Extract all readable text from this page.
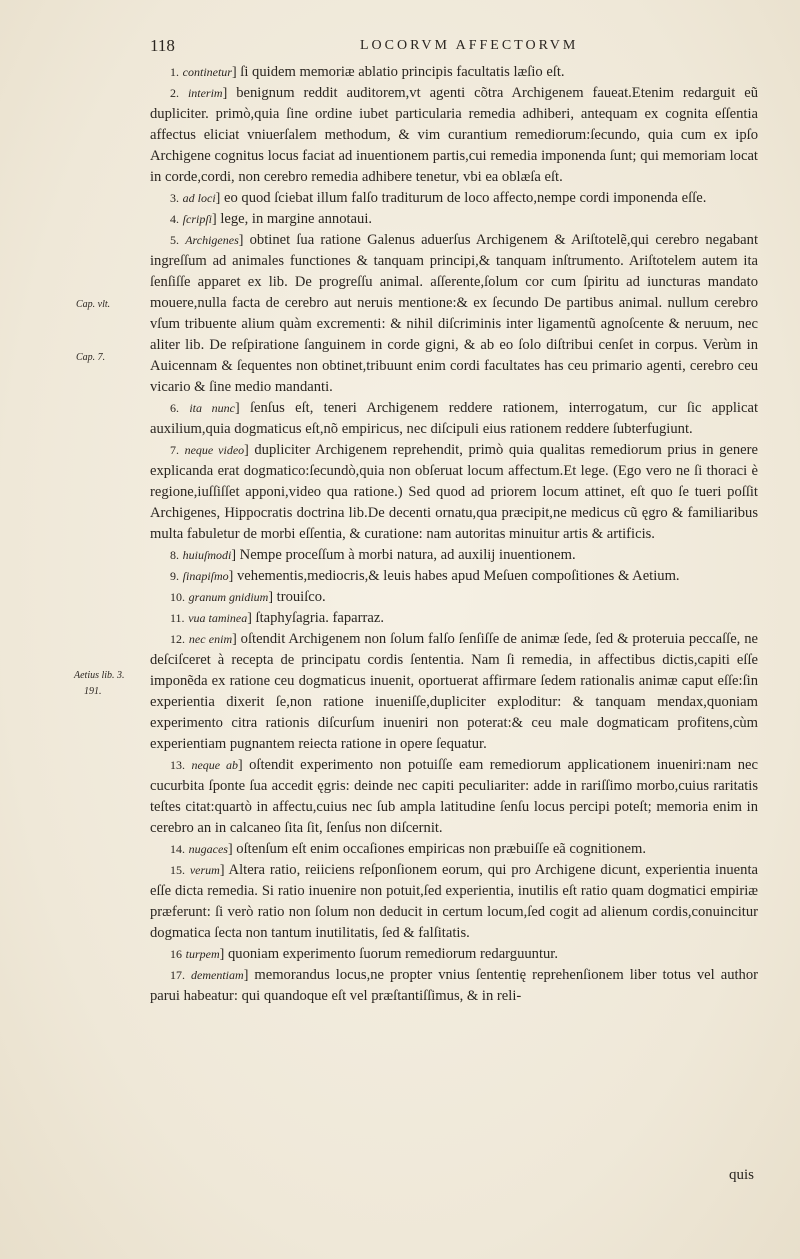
118	LOCORVM AFFECTORVM
Cap. vlt.
Cap. 7.
Aetius lib. 3.
191.

1. continetur] ſi quidem memoriæ ablatio principis facultatis læſio eſt.

2. interim] benignum reddit auditorem,vt agenti cõtra Archigenem faueat.Etenim redarguit eũ dupliciter. primò,quia ſine ordine iubet particularia remedia adhiberi, antequam ex cognita eſſentia affectus eliciat vniuerſalem methodum, & vim curantium remediorum:ſecundo, quia cum ex ipſo Archigene cognitus locus faciat ad inuentionem partis,cui remedia imponenda ſunt; qui memoriam locat in corde,cordi, non cerebro remedia adhibere tenetur, vbi ea oblæſa eſt.

3. ad loci] eo quod ſciebat illum falſo traditurum de loco affecto,nempe cordi imponenda eſſe.

4. ſcripſi] lege, in margine annotaui.

5. Archigenes] obtinet ſua ratione Galenus aduerſus Archigenem & Ariſtotelẽ,qui cerebro negabant ingreſſum ad animales functiones & tanquam principi,& tanquam inſtrumento. Ariſtotelem autem ita ſenſiſſe apparet ex lib. De progreſſu animal. aſſerente,ſolum cor cum ſpiritu ad iuncturas mandato mouere,nulla facta de cerebro aut neruis mentione:& ex ſecundo De partibus animal. nullum cerebro vſum tribuente alium quàm excrementi: & nihil diſcriminis inter ligamentũ agnoſcente & neruum, nec aliter lib. De reſpiratione ſanguinem in corde gigni, & ab eo ſolo diſtribui cenſet in corpus. Verùm in Auicennam & ſequentes non obtinet,tribuunt enim cordi facultates has ceu primario agenti, cerebro ceu vicario & ſine medio mandanti.

6. ita nunc] ſenſus eſt, teneri Archigenem reddere rationem, interrogatum, cur ſic applicat auxilium,quia dogmaticus eſt,nõ empiricus, nec diſcipuli eius rationem reddere ſubterfugiunt.

7. neque video] dupliciter Archigenem reprehendit, primò quia qualitas remediorum prius in genere explicanda erat dogmatico:ſecundò,quia non obſeruat locum affectum.Et lege. (Ego vero ne ſi thoraci è regione,iuſſiſſet apponi,video qua ratione.) Sed quod ad priorem locum attinet, eſt quo ſe tueri poſſit Archigenes, Hippocratis doctrina lib.De decenti ornatu,qua præcipit,ne medicus cũ ęgro & familiaribus multa fabuletur de morbi eſſentia, & curatione: nam autoritas minuitur artis & artificis.

8. huiuſmodi] Nempe proceſſum à morbi natura, ad auxilij inuentionem.

9. ſinapiſmo] vehementis,mediocris,& leuis habes apud Meſuen compoſitiones & Aetium.

10. granum gnidium] trouiſco.

11. vua taminea] ſtaphyſagria. faparraz.

12. nec enim] oſtendit Archigenem non ſolum falſo ſenſiſſe de animæ ſede, ſed & proteruia peccaſſe, ne deſciſceret à recepta de principatu cordis ſententia. Nam ſi remedia, in affectibus dictis,capiti eſſe imponẽda ex ratione ceu dogmaticus inuenit, oportuerat affirmare ſedem rationalis animæ caput eſſe:ſin experientia dixerit ſe,non ratione inueniſſe,dupliciter exploditur: & tanquam mendax,quoniam experimento citra rationis diſcurſum inueniri non poterat:& ceu male dogmaticam profitens,cùm experientiam pugnantem reiecta ratione in opere ſequatur.

13. neque ab] oſtendit experimento non potuiſſe eam remediorum applicationem inueniri:nam nec cucurbita ſponte ſua accedit ęgris: deinde nec capiti peculiariter: adde in rariſſimo morbo,cuius raritatis teſtes citat:quartò in affectu,cuius nec ſub ampla latitudine ſenſu locus percipi poteſt; memoria enim in cerebro an in calcaneo ſita ſit, ſenſus non diſcernit.

14. nugaces] oſtenſum eſt enim occaſiones empiricas non præbuiſſe eã cognitionem.

15. verum] Altera ratio, reiiciens reſponſionem eorum, qui pro Archigene dicunt, experientia inuenta eſſe dicta remedia. Si ratio inuenire non potuit,ſed experientia, inutilis eſt ratio quam dogmatici empiriæ præferunt: ſi verò ratio non ſolum non deducit in certum locum,ſed cogit ad alienum cordis,conuincitur dogmatica ſecta non tantum inutilitatis, ſed & falſitatis.

16 turpem] quoniam experimento ſuorum remediorum redarguuntur.

17. dementiam] memorandus locus,ne propter vnius ſententię reprehenſionem liber totus vel author parui habeatur: qui quandoque eſt vel præſtantiſſimus, & in reli-

quis
